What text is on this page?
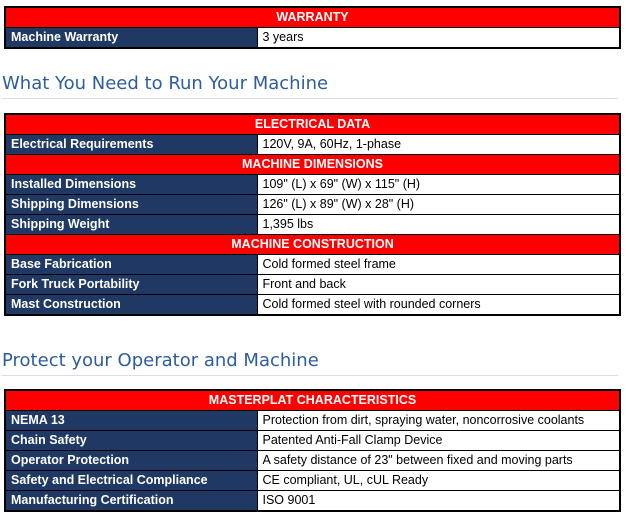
WARRANTY
Machine Warranty	3 years
What You Need to Run Your Machine
ELECTRICAL DATA	
Electrical Requirements	120V, 9A, 60Hz, 1-phase
MACHINE DIMENSIONS	
Installed Dimensions	109" (L) x 69" (W) x 115" (H)
Shipping Dimensions	126" (L) x 89" (W) x 28" (H)
Shipping Weight	1,395 lbs
MACHINE CONSTRUCTION	
Base Fabrication	Cold formed steel frame
Fork Truck Portability	Front and back
Mast Construction	Cold formed steel with rounded corners
Protect your Operator and Machine
MASTERPLAT CHARACTERISTICS	
NEMA 13	Protection from dirt, spraying water, noncorrosive coolants
Chain Safety	Patented Anti-Fall Clamp Device
Operator Protection	A safety distance of 23" between fixed and moving parts
Safety and Electrical Compliance	CE compliant, UL, cUL Ready
Manufacturing Certification	ISO 9001
